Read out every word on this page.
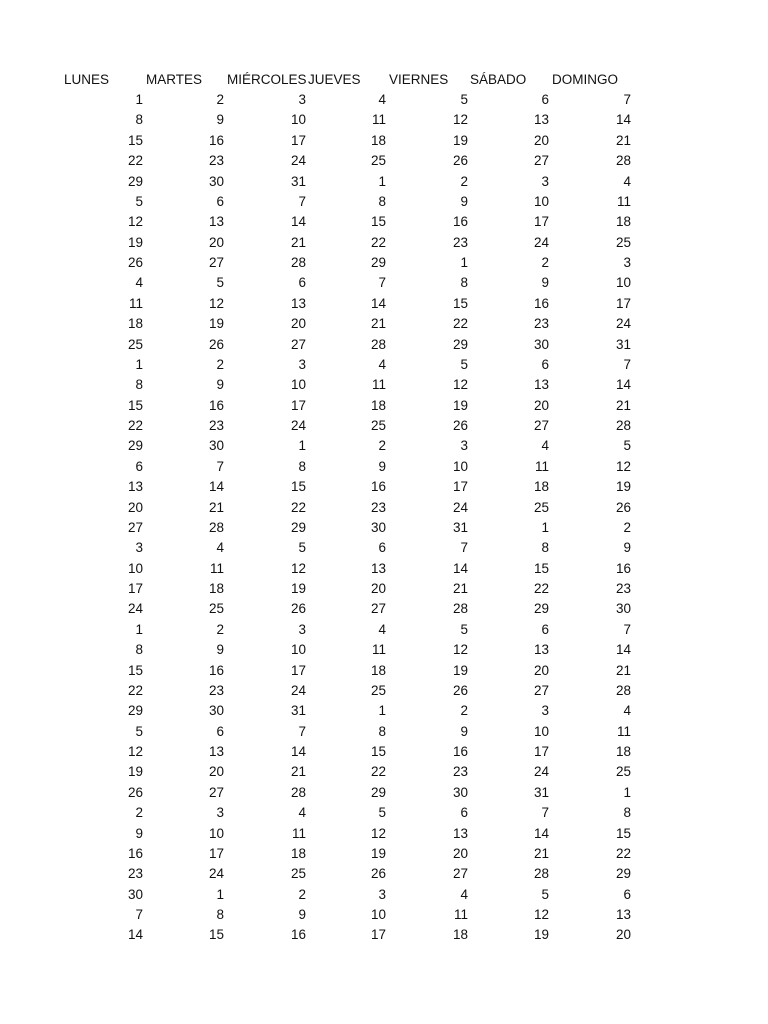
LUNES	MARTES MIÉRCOLES JUEVES VIERNES SÁBADO DOMINGO
1	2	3	4	5	6	7
8	9	10	11	12	13	14
15	16	17	18	19	20	21
22	23	24	25	26	27	28
29	30	31	1	2	3	4
5	6	7	8	9	10	11
12	13	14	15	16	17	18
19	20	21	22	23	24	25
26	27	28	29	1	2	3
4	5	6	7	8	9	10
11	12	13	14	15	16	17
18	19	20	21	22	23	24
25	26	27	28	29	30	31
1	2	3	4	5	6	7
8	9	10	11	12	13	14
15	16	17	18	19	20	21
22	23	24	25	26	27	28
29	30	1	2	3	4	5
6	7	8	9	10	11	12
13	14	15	16	17	18	19
20	21	22	23	24	25	26
27	28	29	30	31	1	2
3	4	5	6	7	8	9
10	11	12	13	14	15	16
17	18	19	20	21	22	23
24	25	26	27	28	29	30
1	2	3	4	5	6	7
8	9	10	11	12	13	14
15	16	17	18	19	20	21
22	23	24	25	26	27	28
29	30	31	1	2	3	4
5	6	7	8	9	10	11
12	13	14	15	16	17	18
19	20	21	22	23	24	25
26	27	28	29	30	31	1
2	3	4	5	6	7	8
9	10	11	12	13	14	15
16	17	18	19	20	21	22
23	24	25	26	27	28	29
30	1	2	3	4	5	6
7	8	9	10	11	12	13
14	15	16	17	18	19	20
